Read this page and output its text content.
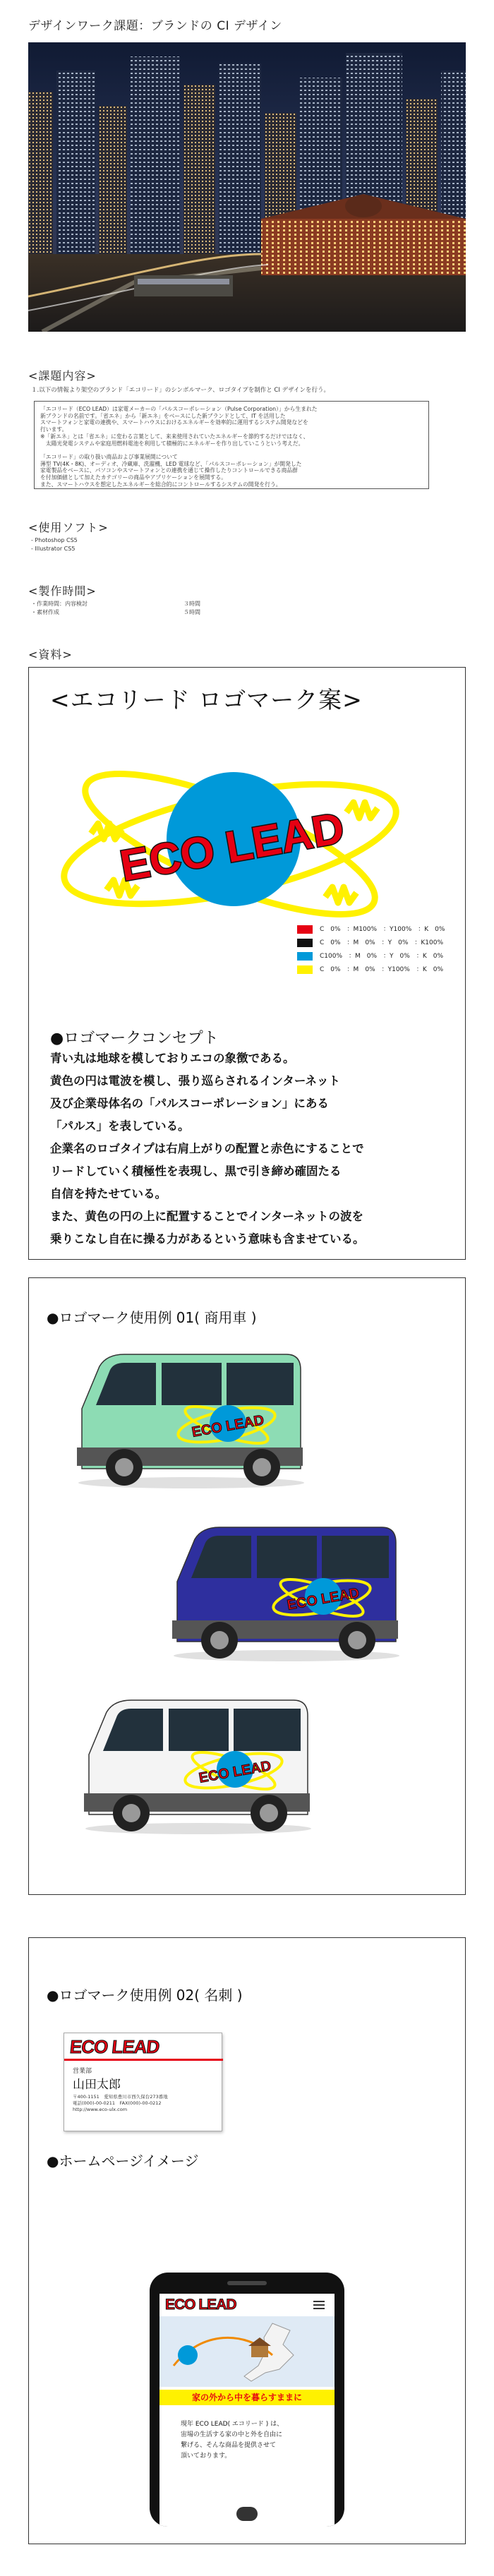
デザインワーク課題：ブランドの CI デザイン
<課題内容>
１.以下の情報より架空のブランド「エコリード」のシンボルマーク、ロゴタイプを制作と CI デザインを行う。
「エコリード（ECO LEAD）は家電メーカーの「パルスコーポレーション（Pulse Corporation）」から生まれた
新ブランドの名前です。「省エネ」から「新エネ」をベースにした新ブランドとして、IT を活用した
スマートフォンと家電の連携や、スマートハウスにおけるエネルギーを効率的に運用するシステム開発などを
行います。
※「新エネ」とは「省エネ」に変わる言葉として、来来使用されていたエネルギーを節約するだけではなく、
　太陽光発電システムや家庭用燃料電池を利用して積極的にエネルギーを作り出していこうという考えだ。

「エコリード」の取り扱い商品および事業展開について
薄型 TV(4K・8K)、オーディオ、冷蔵庫、洗濯機、LED 電球など、「パルスコーポレーション」が開発した
家電製品をベースに、パソコンやスマートフォンとの連携を通じて操作したりコントロールできる商品群
を付加価値として加えたカテゴリーの商品やアプリケーションを展開する。
また、スマートハウスを想定したエネルギーを総合的にコントロールするシステムの開発を行う。
<使用ソフト>
- Photoshop CS5
- Illustrator CS5
<製作時間>
・作業時間：内容検討	３時間
・素材作成	５時間
<資料>
<エコリード ロゴマーク案>
ECO LEAD
C　0%　：M100%　：Y100%　：K　0%
C　0%　：M　0%　：Y　0%　：K100%
C100%　：M　0%　：Y　0%　：K　0%
C　0%　：M　0%　：Y100%　：K　0%
●ロゴマークコンセプト
青い丸は地球を模しておりエコの象徴である。
黄色の円は電波を模し、張り巡らされるインターネット
及び企業母体名の「パルスコーポレーション」にある
「パルス」を表している。
企業名のロゴタイプは右肩上がりの配置と赤色にすることで
リードしていく積極性を表現し、黒で引き締め確固たる
自信を持たせている。
また、黄色の円の上に配置することでインターネットの波を
乗りこなし自在に操る力があるという意味も含ませている。
●ロゴマーク使用例 01( 商用車 )
ECO LEAD
ECO LEAD
ECO LEAD
●ロゴマーク使用例 02( 名刺 )
●ホームページイメージ
ECO LEAD
営業部
山田太郎
〒400-1151　愛知県豊川市西久保台273番地
電話(000)-00-0211　FAX(000)-00-0212
http://www.eco-ulx.com
ECO LEAD
家の外から中を暮らすままに
現年 ECO LEAD( エコリード ) は、
宙場の生活する家の中と外を自由に
繋げる、そんな商品を提供させて
頂いております。
